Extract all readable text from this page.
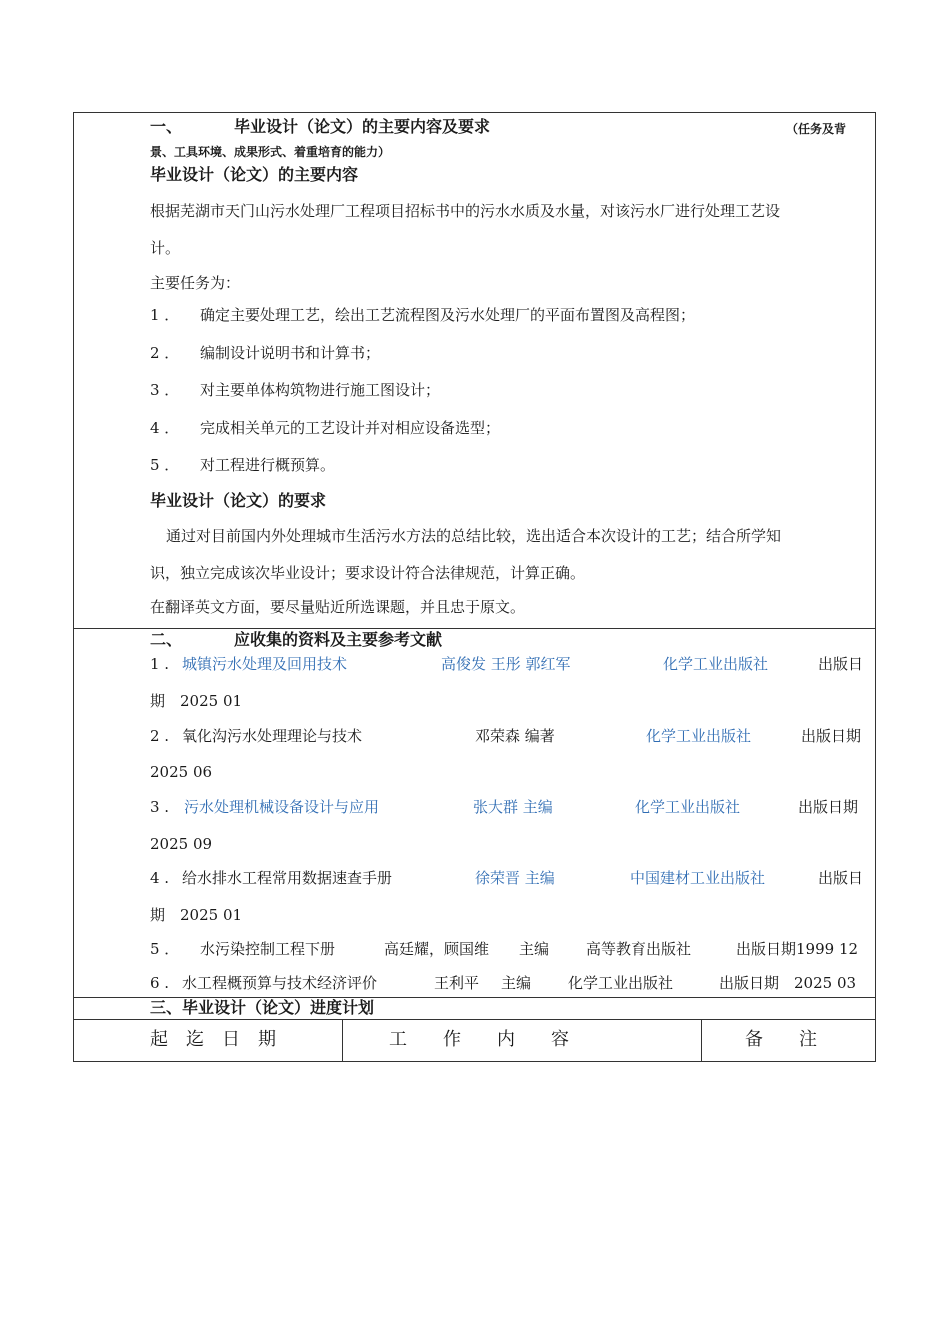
一、	毕业设计（论文）的主要内容及要求	（任务及背
景、工具环境、成果形式、着重培育的能力）
毕业设计（论文）的主要内容
根据芜湖市天门山污水处理厂工程项目招标书中的污水水质及水量，对该污水厂进行处理工艺设
计。
主要任务为：
1 ． 确定主要处理工艺，绘出工艺流程图及污水处理厂的平面布置图及高程图；
2 ． 编制设计说明书和计算书；
3 ． 对主要单体构筑物进行施工图设计；
4 ． 完成相关单元的工艺设计并对相应设备选型；
5 ． 对工程进行概预算。
毕业设计（论文）的要求
通过对目前国内外处理城市生活污水方法的总结比较，选出适合本次设计的工艺；结合所学知
识，独立完成该次毕业设计；要求设计符合法律规范，计算正确。
在翻译英文方面，要尽量贴近所选课题，并且忠于原文。
二、	应收集的资料及主要参考文献
1 . 城镇污水处理及回用技术	高俊发 王彤 郭红军	化学工业出版社	出版日
期　2025 01
2 . 氧化沟污水处理理论与技术	邓荣森 编著	化学工业出版社	出版日期
2025 06
3 . 污水处理机械设备设计与应用	张大群 主编	化学工业出版社	出版日期
2025 09
4 . 给水排水工程常用数据速查手册	徐荣晋 主编	中国建材工业出版社	出版日
期　2025 01
5 ． 水污染控制工程下册	高廷耀，顾国维 主编 高等教育出版社	出版日期1999 12
6 . 水工程概预算与技术经济评价	王利平 主编 化学工业出版社	出版日期　2025 03
三、毕业设计（论文）进度计划
起　迄　日　期	工　　作　　内　　容	备　　注
